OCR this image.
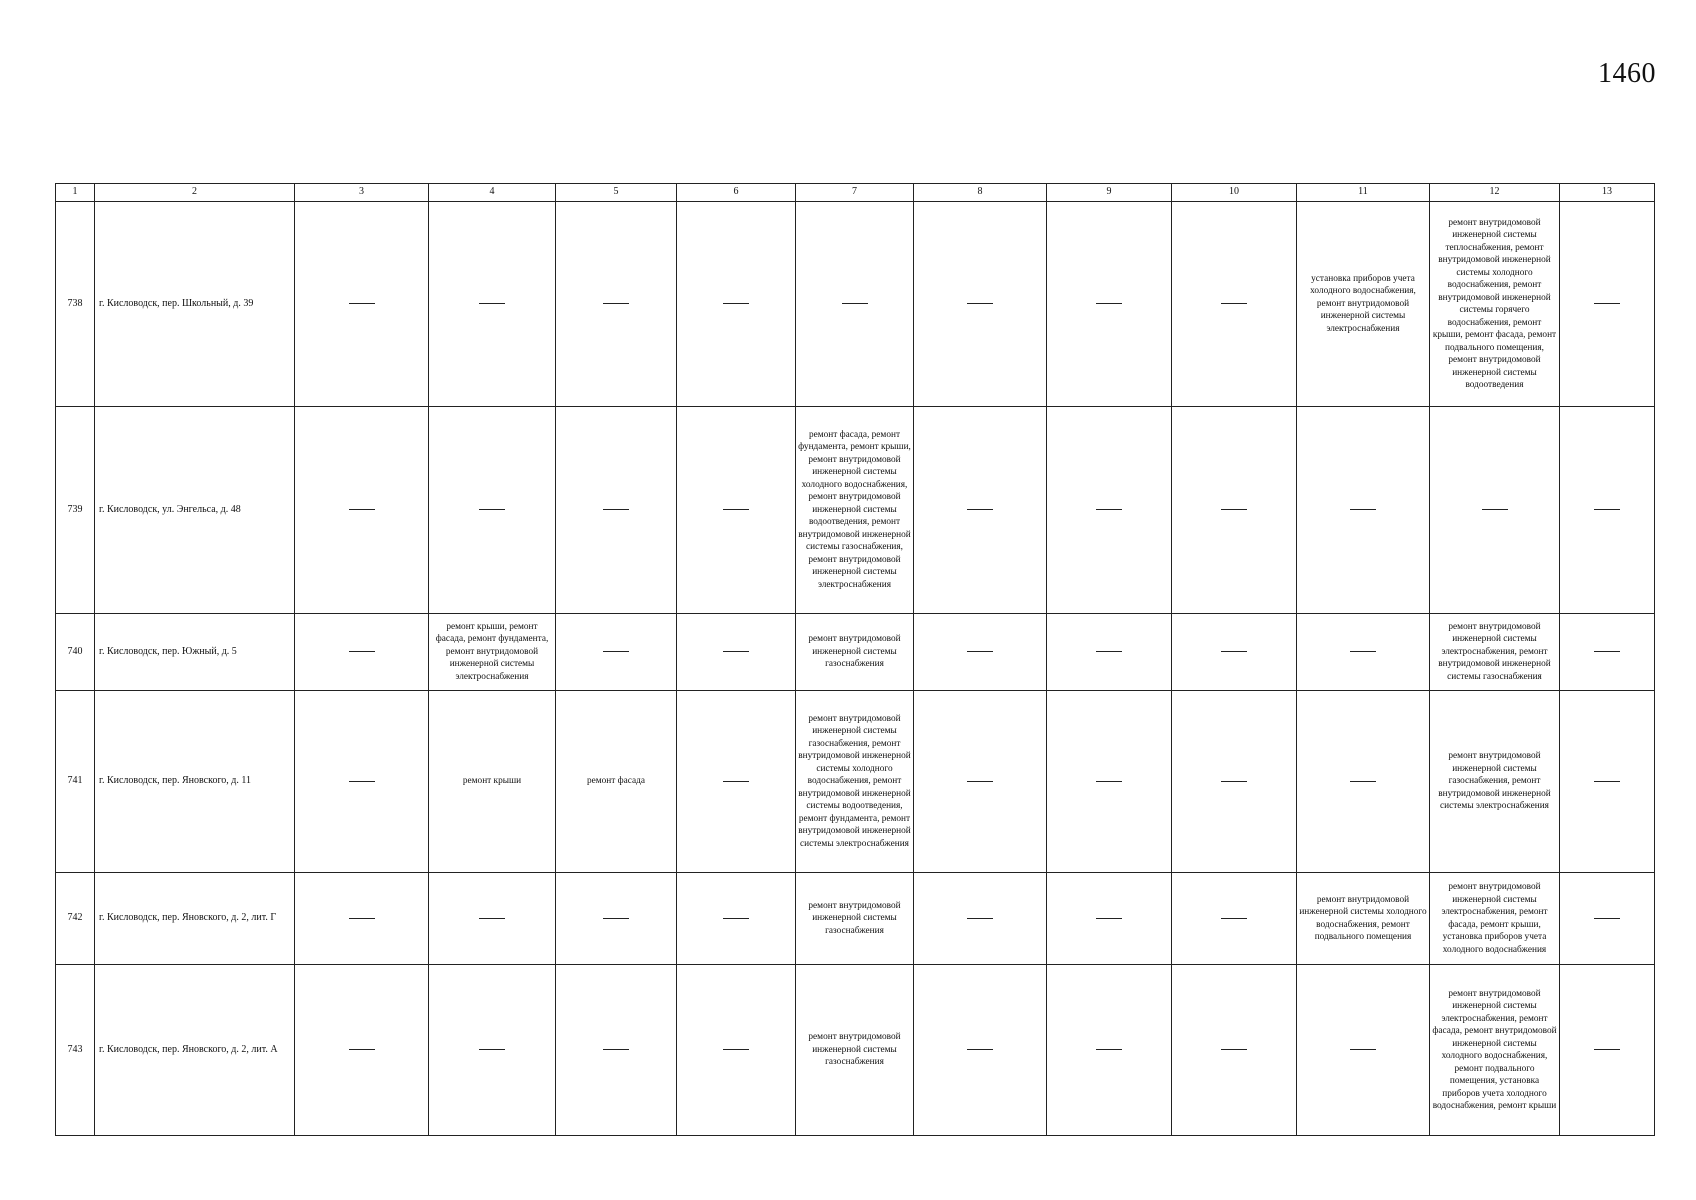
1460
1	2	3	4	5	6	7	8	9	10	11	12	13
738	г. Кисловодск, пер. Школьный, д. 39									установка приборов учета холодного водоснабжения, ремонт внутридомовой инженерной системы электроснабжения	ремонт внутридомовой инженерной системы теплоснабжения, ремонт внутридомовой инженерной системы холодного водоснабжения, ремонт внутридомовой инженерной системы горячего водоснабжения, ремонт крыши, ремонт фасада, ремонт подвального помещения, ремонт внутридомовой инженерной системы водоотведения	
739	г. Кисловодск, ул. Энгельса, д. 48					ремонт фасада, ремонт фундамента, ремонт крыши, ремонт внутридомовой инженерной системы холодного водоснабжения, ремонт внутридомовой инженерной системы водоотведения, ремонт внутридомовой инженерной системы газоснабжения, ремонт внутридомовой инженерной системы электроснабжения						
740	г. Кисловодск, пер. Южный, д. 5		ремонт крыши, ремонт фасада, ремонт фундамента, ремонт внутридомовой инженерной системы электроснабжения			ремонт внутридомовой инженерной системы газоснабжения					ремонт внутридомовой инженерной системы электроснабжения, ремонт внутридомовой инженерной системы газоснабжения	
741	г. Кисловодск, пер. Яновского, д. 11		ремонт крыши	ремонт фасада		ремонт внутридомовой инженерной системы газоснабжения, ремонт внутридомовой инженерной системы холодного водоснабжения, ремонт внутридомовой инженерной системы водоотведения, ремонт фундамента, ремонт внутридомовой инженерной системы электроснабжения					ремонт внутридомовой инженерной системы газоснабжения, ремонт внутридомовой инженерной системы электроснабжения	
742	г. Кисловодск, пер. Яновского, д. 2, лит. Г					ремонт внутридомовой инженерной системы газоснабжения				ремонт внутридомовой инженерной системы холодного водоснабжения, ремонт подвального помещения	ремонт внутридомовой инженерной системы электроснабжения, ремонт фасада, ремонт крыши, установка приборов учета холодного водоснабжения	
743	г. Кисловодск, пер. Яновского, д. 2, лит. А					ремонт внутридомовой инженерной системы газоснабжения					ремонт внутридомовой инженерной системы электроснабжения, ремонт фасада, ремонт внутридомовой инженерной системы холодного водоснабжения, ремонт подвального помещения, установка приборов учета холодного водоснабжения, ремонт крыши	
